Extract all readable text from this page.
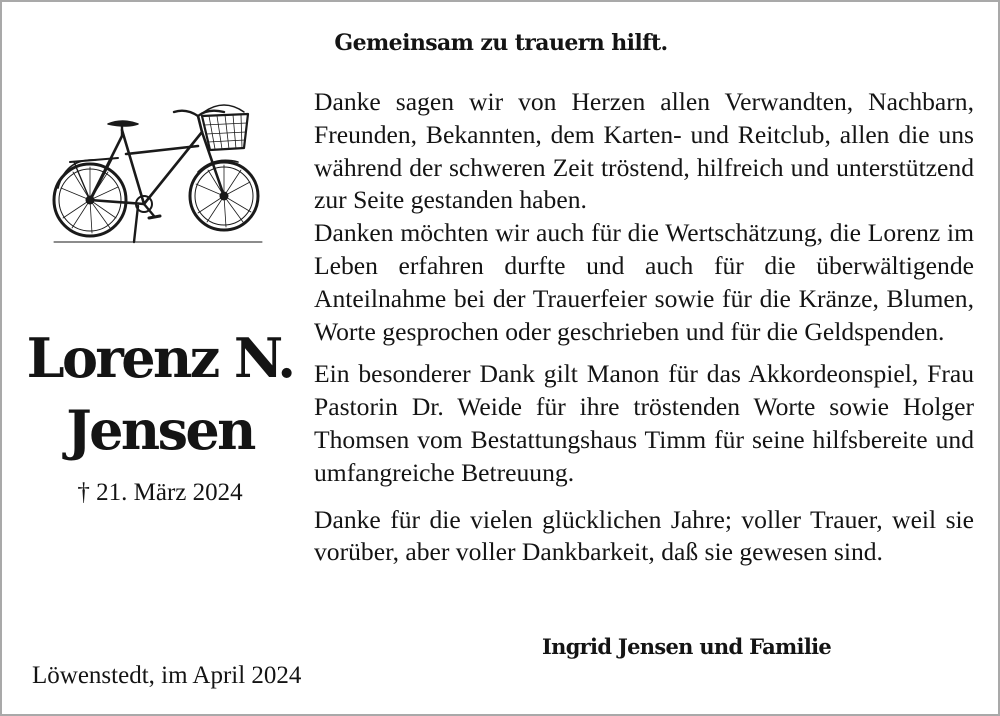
Gemeinsam zu trauern hilft.
Lorenz N.
Jensen
† 21. März 2024

Danke sagen wir von Herzen allen Verwandten, Nachbarn, Freunden, Bekannten, dem Karten- und Reitclub, allen die uns während der schweren Zeit tröstend, hilfreich und unterstützend zur Seite gestanden haben.

Danken möchten wir auch für die Wertschätzung, die Lorenz im Leben erfahren durfte und auch für die überwältigende Anteilnahme bei der Trauerfeier sowie für die Kränze, Blumen, Worte gesprochen oder geschrieben und für die Geldspenden.

Ein besonderer Dank gilt Manon für das Akkordeonspiel, Frau Pastorin Dr. Weide für ihre tröstenden Worte sowie Holger Thomsen vom Bestattungshaus Timm für seine hilfsbereite und umfangreiche Betreuung.

Danke für die vielen glücklichen Jahre; voller Trauer, weil sie vorüber, aber voller Dankbarkeit, daß sie gewesen sind.

Ingrid Jensen und Familie
Löwenstedt, im April 2024
